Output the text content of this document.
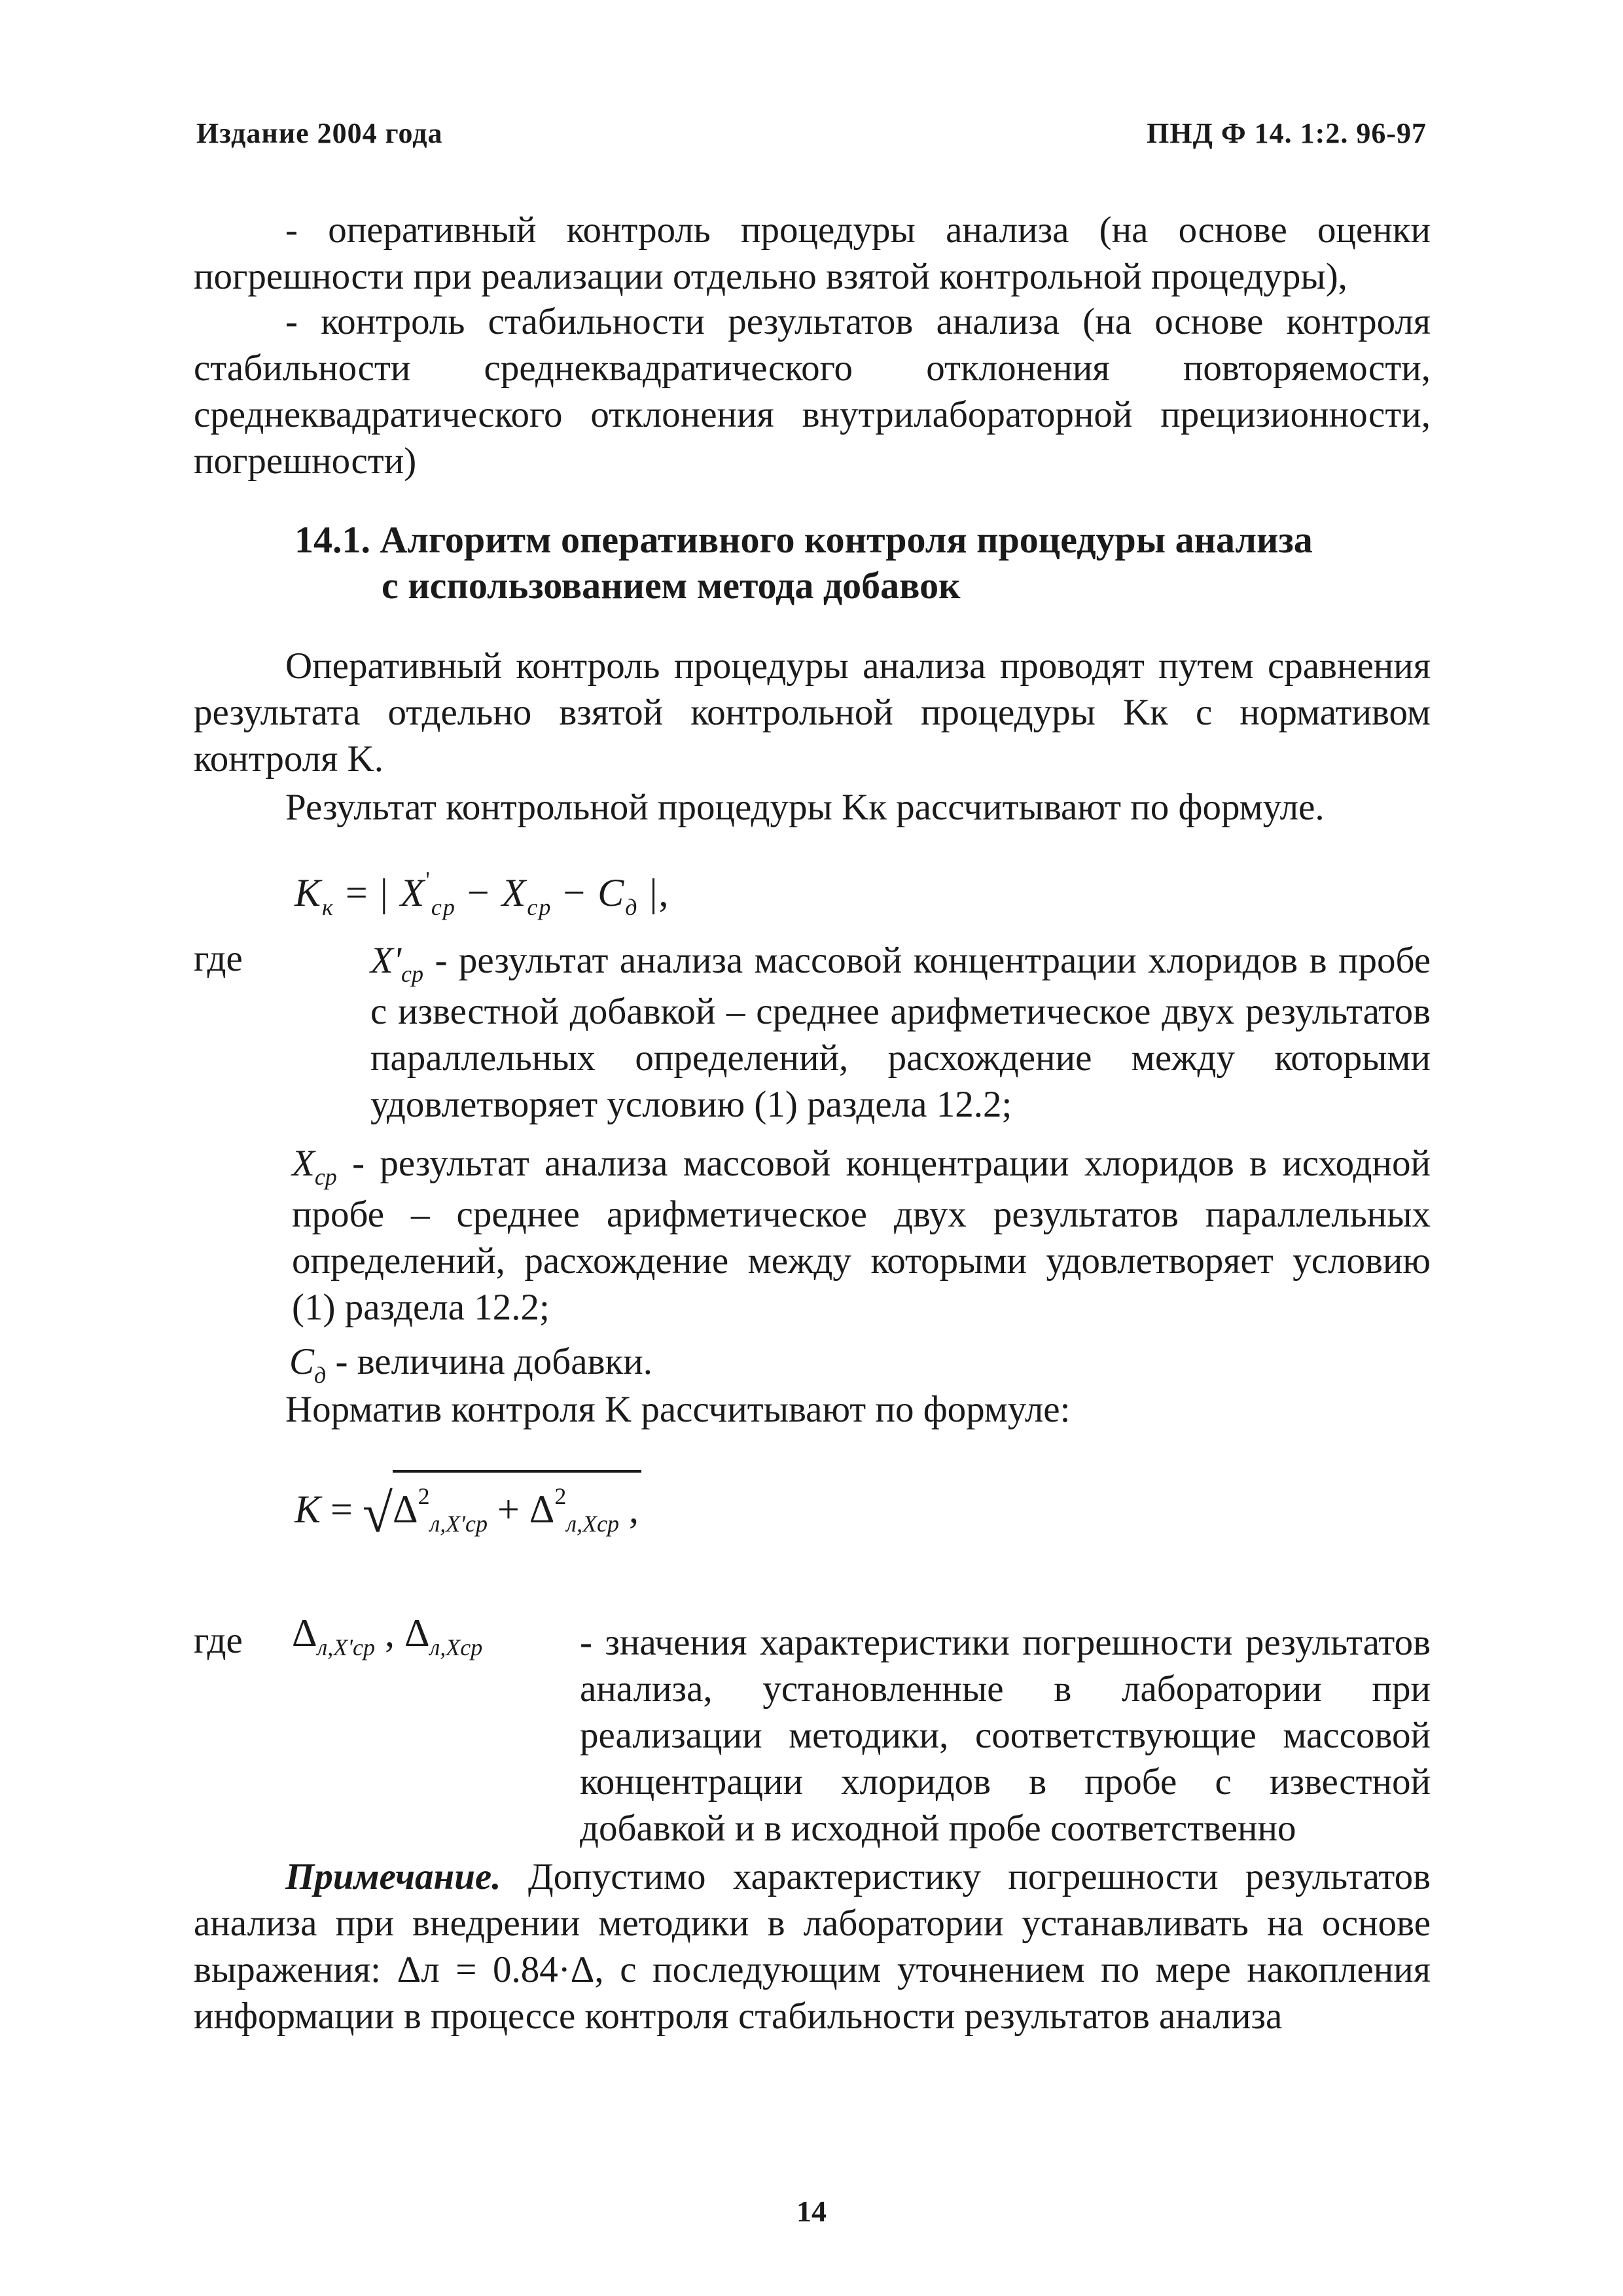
Издание 2004 года	ПНД Ф 14. 1:2. 96-97
- оперативный контроль процедуры анализа (на основе оценки погрешности при реализации отдельно взятой контрольной процедуры),
- контроль стабильности результатов анализа (на основе контроля стабильности среднеквадратического отклонения повторяемости, среднеквадратического отклонения внутрилабораторной прецизионности, погрешности)
14.1. Алгоритм оперативного контроля процедуры анализа
с использованием метода добавок
Оперативный контроль процедуры анализа проводят путем сравнения результата отдельно взятой контрольной процедуры Kк с нормативом контроля K.
Результат контрольной процедуры Kк рассчитывают по формуле.
$K_к$ = | $X'_{ср} - X_{ср} - C_д$ |,
где	$X'_{ср}$ - результат анализа массовой концентрации хлоридов в пробе с известной добавкой – среднее арифметическое двух результатов параллельных определений, расхождение между которыми удовлетворяет условию (1) раздела 12.2;
$X_{ср}$ - результат анализа массовой концентрации хлоридов в исходной пробе – среднее арифметическое двух результатов параллельных определений, расхождение между которыми удовлетворяет условию (1) раздела 12.2;
$C_д$ - величина добавки.
Норматив контроля K рассчитывают по формуле:
$K = √\Delta^2_{л,X'ср} + \Delta^2_{л,Xср}$ ,
где $\Delta_{л,X'ср}$ , $\Delta_{л,Xср}$	- значения характеристики погрешности результатов анализа, установленные в лаборатории при реализации методики, соответствующие массовой концентрации хлоридов в пробе с известной добавкой и в исходной пробе соответственно
Примечание. Допустимо характеристику погрешности результатов анализа при внедрении методики в лаборатории устанавливать на основе выражения: Δл = 0.84·Δ, с последующим уточнением по мере накопления информации в процессе контроля стабильности результатов анализа
14
